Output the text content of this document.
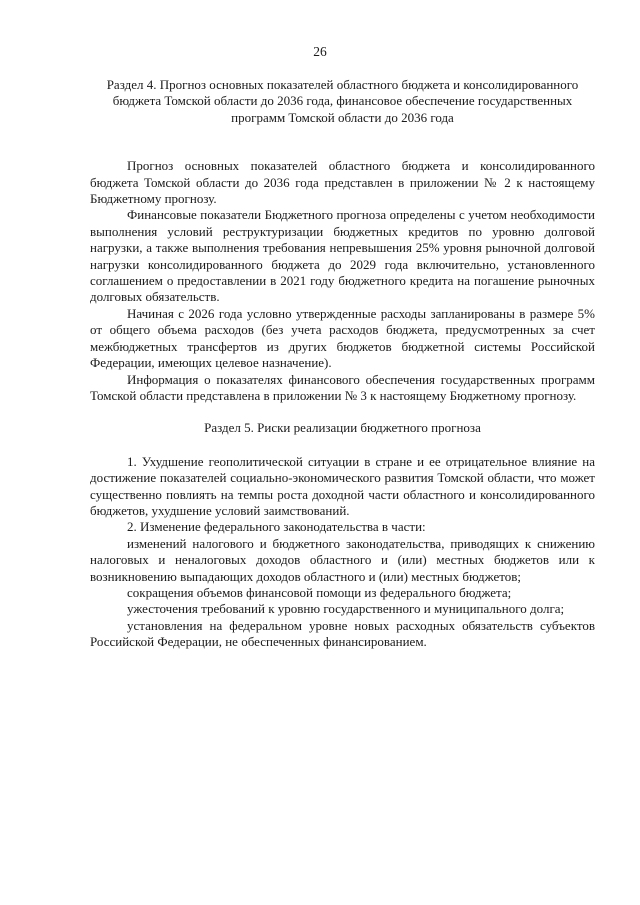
26

Раздел 4. Прогноз основных показателей областного бюджета и консолидированного бюджета Томской области до 2036 года, финансовое обеспечение государственных программ Томской области до 2036 года

Прогноз основных показателей областного бюджета и консолидированного бюджета Томской области до 2036 года представлен в приложении № 2 к настоящему Бюджетному прогнозу.

Финансовые показатели Бюджетного прогноза определены с учетом необходимости выполнения условий реструктуризации бюджетных кредитов по уровню долговой нагрузки, а также выполнения требования непревышения 25% уровня рыночной долговой нагрузки консолидированного бюджета до 2029 года включительно, установленного соглашением о предоставлении в 2021 году бюджетного кредита на погашение рыночных долговых обязательств.

Начиная с 2026 года условно утвержденные расходы запланированы в размере 5% от общего объема расходов (без учета расходов бюджета, предусмотренных за счет межбюджетных трансфертов из других бюджетов бюджетной системы Российской Федерации, имеющих целевое назначение).

Информация о показателях финансового обеспечения государственных программ Томской области представлена в приложении № 3 к настоящему Бюджетному прогнозу.

Раздел 5. Риски реализации бюджетного прогноза

1. Ухудшение геополитической ситуации в стране и ее отрицательное влияние на достижение показателей социально-экономического развития Томской области, что может существенно повлиять на темпы роста доходной части областного и консолидированного бюджетов, ухудшение условий заимствований.

2. Изменение федерального законодательства в части:

изменений налогового и бюджетного законодательства, приводящих к снижению налоговых и неналоговых доходов областного и (или) местных бюджетов или к возникновению выпадающих доходов областного и (или) местных бюджетов;

сокращения объемов финансовой помощи из федерального бюджета;

ужесточения требований к уровню государственного и муниципального долга;

установления на федеральном уровне новых расходных обязательств субъектов Российской Федерации, не обеспеченных финансированием.
